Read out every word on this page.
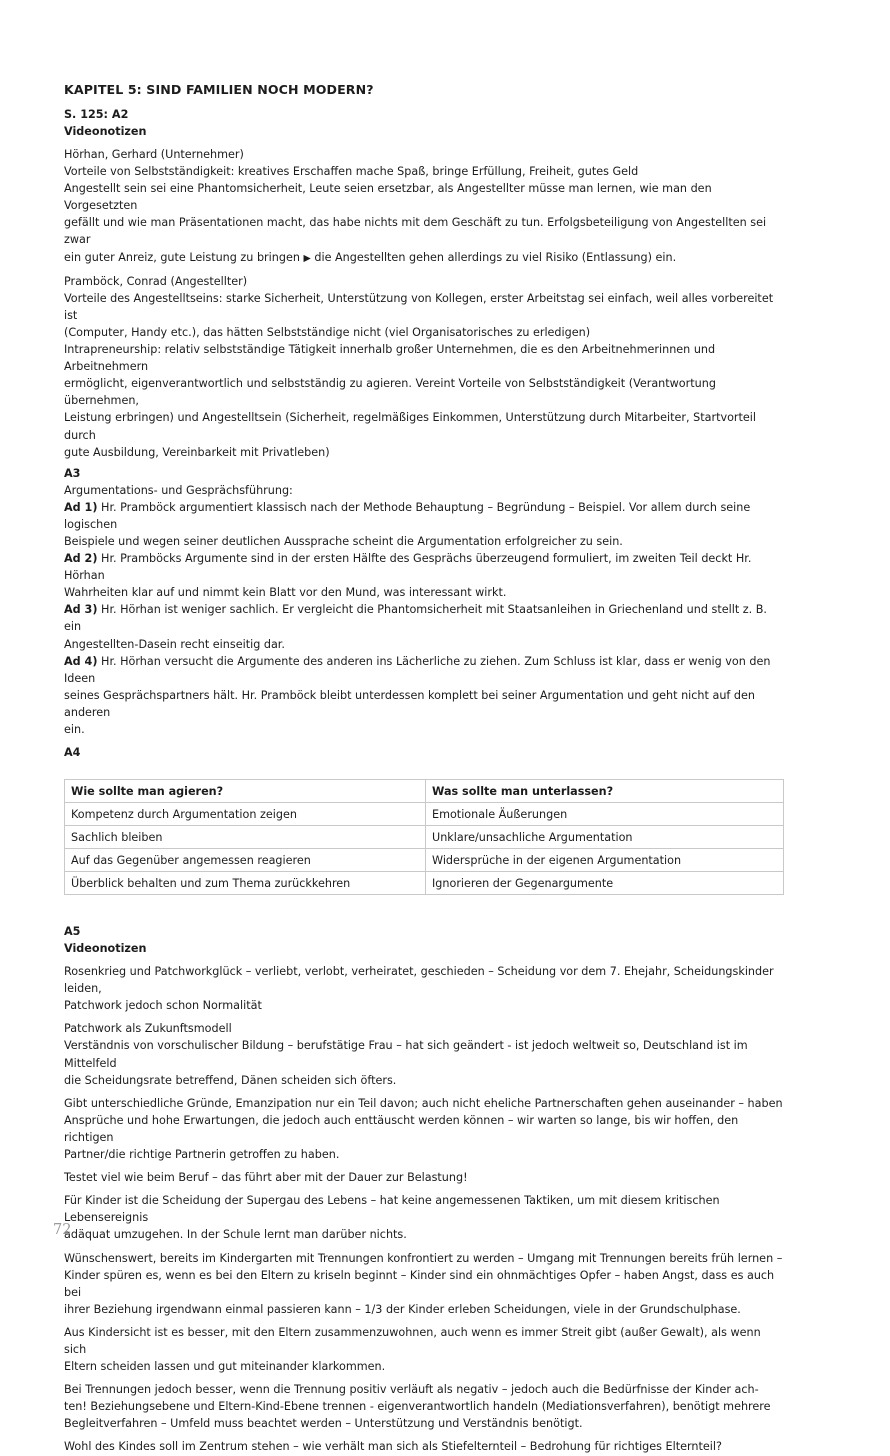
KAPITEL 5: SIND FAMILIEN NOCH MODERN?
S. 125: A2
Videonotizen

Hörhan, Gerhard (Unternehmer)

Vorteile von Selbstständigkeit: kreatives Erschaffen mache Spaß, bringe Erfüllung, Freiheit, gutes Geld

Angestellt sein sei eine Phantomsicherheit, Leute seien ersetzbar, als Angestellter müsse man lernen, wie man den Vorgesetzten

gefällt und wie man Präsentationen macht, das habe nichts mit dem Geschäft zu tun. Erfolgsbeteiligung von Angestellten sei zwar

ein guter Anreiz, gute Leistung zu bringen ▶ die Angestellten gehen allerdings zu viel Risiko (Entlassung) ein.

Pramböck, Conrad (Angestellter)

Vorteile des Angestelltseins: starke Sicherheit, Unterstützung von Kollegen, erster Arbeitstag sei einfach, weil alles vorbereitet ist

(Computer, Handy etc.), das hätten Selbstständige nicht (viel Organisatorisches zu erledigen)

Intrapreneurship: relativ selbstständige Tätigkeit innerhalb großer Unternehmen, die es den Arbeitnehmerinnen und Arbeitnehmern

ermöglicht, eigenverantwortlich und selbstständig zu agieren. Vereint Vorteile von Selbstständigkeit (Verantwortung übernehmen,

Leistung erbringen) und Angestelltsein (Sicherheit, regelmäßiges Einkommen, Unterstützung durch Mitarbeiter, Startvorteil durch

gute Ausbildung, Vereinbarkeit mit Privatleben)

A3

Argumentations- und Gesprächsführung:

Ad 1) Hr. Pramböck argumentiert klassisch nach der Methode Behauptung – Begründung – Beispiel. Vor allem durch seine logischen

Beispiele und wegen seiner deutlichen Aussprache scheint die Argumentation erfolgreicher zu sein.

Ad 2) Hr. Pramböcks Argumente sind in der ersten Hälfte des Gesprächs überzeugend formuliert, im zweiten Teil deckt Hr. Hörhan

Wahrheiten klar auf und nimmt kein Blatt vor den Mund, was interessant wirkt.

Ad 3) Hr. Hörhan ist weniger sachlich. Er vergleicht die Phantomsicherheit mit Staatsanleihen in Griechenland und stellt z. B. ein

Angestellten-Dasein recht einseitig dar.

Ad 4) Hr. Hörhan versucht die Argumente des anderen ins Lächerliche zu ziehen. Zum Schluss ist klar, dass er wenig von den Ideen

seines Gesprächspartners hält. Hr. Pramböck bleibt unterdessen komplett bei seiner Argumentation und geht nicht auf den anderen

ein.

A4
Wie sollte man agieren?	Was sollte man unterlassen?
Kompetenz durch Argumentation zeigen	Emotionale Äußerungen
Sachlich bleiben	Unklare/unsachliche Argumentation
Auf das Gegenüber angemessen reagieren	Widersprüche in der eigenen Argumentation
Überblick behalten und zum Thema zurückkehren	Ignorieren der Gegenargumente
A5
Videonotizen

Rosenkrieg und Patchworkglück – verliebt, verlobt, verheiratet, geschieden – Scheidung vor dem 7. Ehejahr, Scheidungskinder leiden,

Patchwork jedoch schon Normalität

Patchwork als Zukunftsmodell

Verständnis von vorschulischer Bildung – berufstätige Frau – hat sich geändert - ist jedoch weltweit so, Deutschland ist im Mittelfeld

die Scheidungsrate betreffend, Dänen scheiden sich öfters.

Gibt unterschiedliche Gründe, Emanzipation nur ein Teil davon; auch nicht eheliche Partnerschaften gehen auseinander – haben

Ansprüche und hohe Erwartungen, die jedoch auch enttäuscht werden können – wir warten so lange, bis wir hoffen, den richtigen

Partner/die richtige Partnerin getroffen zu haben.

Testet viel wie beim Beruf – das führt aber mit der Dauer zur Belastung!

Für Kinder ist die Scheidung der Supergau des Lebens – hat keine angemessenen Taktiken, um mit diesem kritischen Lebensereignis

adäquat umzugehen. In der Schule lernt man darüber nichts.

Wünschenswert, bereits im Kindergarten mit Trennungen konfrontiert zu werden – Umgang mit Trennungen bereits früh lernen –

Kinder spüren es, wenn es bei den Eltern zu kriseln beginnt – Kinder sind ein ohnmächtiges Opfer – haben Angst, dass es auch bei

ihrer Beziehung irgendwann einmal passieren kann – 1/3 der Kinder erleben Scheidungen, viele in der Grundschulphase.

Aus Kindersicht ist es besser, mit den Eltern zusammenzuwohnen, auch wenn es immer Streit gibt (außer Gewalt), als wenn sich

Eltern scheiden lassen und gut miteinander klarkommen.

Bei Trennungen jedoch besser, wenn die Trennung positiv verläuft als negativ – jedoch auch die Bedürfnisse der Kinder ach-

ten! Beziehungsebene und Eltern-Kind-Ebene trennen - eigenverantwortlich handeln (Mediationsverfahren), benötigt mehrere

Begleitverfahren – Umfeld muss beachtet werden – Unterstützung und Verständnis benötigt.

Wohl des Kindes soll im Zentrum stehen – wie verhält man sich als Stiefelternteil – Bedrohung für richtiges Elternteil?

72
